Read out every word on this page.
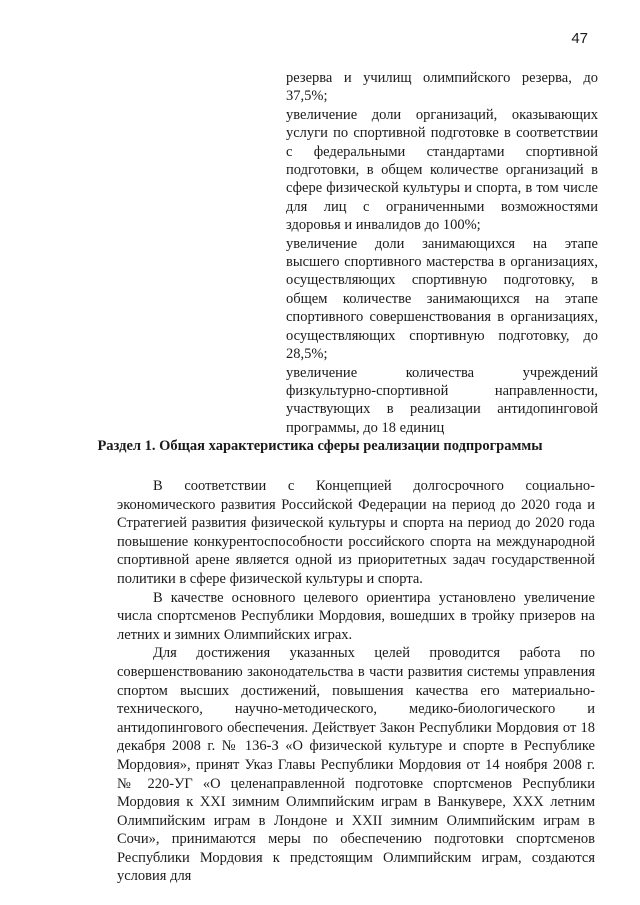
47

резерва и училищ олимпийского резерва, до 37,5%;

увеличение доли организаций, оказывающих услуги по спортивной подготовке в соответствии с федеральными стандартами спортивной подготовки, в общем количестве организаций в сфере физической культуры и спорта, в том числе для лиц с ограниченными возможностями здоровья и инвалидов до 100%;

увеличение доли занимающихся на этапе высшего спортивного мастерства в организациях, осуществляющих спортивную подготовку, в общем количестве занимающихся на этапе спортивного совершенствования в организациях, осуществляющих спортивную подготовку, до 28,5%;

увеличение количества учреждений физкультурно-спортивной направленности, участвующих в реализации антидопинговой программы, до 18 единиц

Раздел 1. Общая характеристика сферы реализации подпрограммы

В соответствии с Концепцией долгосрочного социально-экономического развития Российской Федерации на период до 2020 года и Стратегией развития физической культуры и спорта на период до 2020 года повышение конкурентоспособности российского спорта на международной спортивной арене является одной из приоритетных задач государственной политики в сфере физической культуры и спорта.

В качестве основного целевого ориентира установлено увеличение числа спортсменов Республики Мордовия, вошедших в тройку призеров на летних и зимних Олимпийских играх.

Для достижения указанных целей проводится работа по совершенствованию законодательства в части развития системы управления спортом высших достижений, повышения качества его материально-технического, научно-методического, медико-биологического и антидопингового обеспечения. Действует Закон Республики Мордовия от 18 декабря 2008 г. № 136-З «О физической культуре и спорте в Республике Мордовия», принят Указ Главы Республики Мордовия от 14 ноября 2008 г. № 220-УГ «О целенаправленной подготовке спортсменов Республики Мордовия к XXI зимним Олимпийским играм в Ванкувере, XXX летним Олимпийским играм в Лондоне и XXII зимним Олимпийским играм в Сочи», принимаются меры по обеспечению подготовки спортсменов Республики Мордовия к предстоящим Олимпийским играм, создаются условия для
